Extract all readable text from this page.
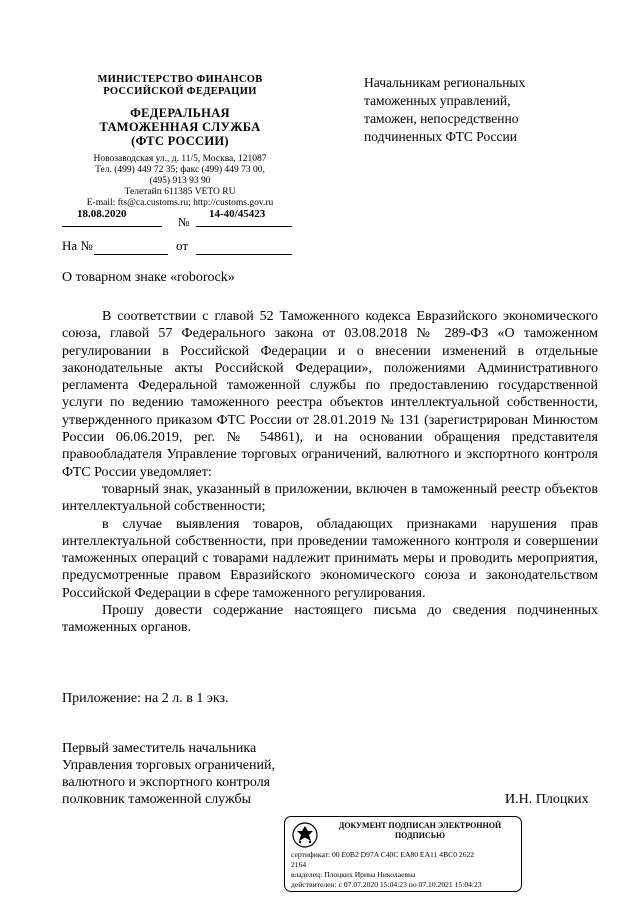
МИНИСТЕРСТВО ФИНАНСОВ
РОССИЙСКОЙ ФЕДЕРАЦИИ
ФЕДЕРАЛЬНАЯ
ТАМОЖЕННАЯ СЛУЖБА
(ФТС РОССИИ)
Новозаводская ул., д. 11/5, Москва, 121087
Тел. (499) 449 72 35; факс (499) 449 73 00,
(495) 913 93 90
Телетайп 611385 VETO RU
E-mail: fts@ca.customs.ru; http://customs.gov.ru
18.08.2020
№
14-40/45423
На №	от
Начальникам региональных
таможенных управлений,
таможен, непосредственно
подчиненных ФТС России
О товарном знаке «roborock»

В соответствии с главой 52 Таможенного кодекса Евразийского экономического союза, главой 57 Федерального закона от 03.08.2018 № 289-ФЗ «О таможенном регулировании в Российской Федерации и о внесении изменений в отдельные законодательные акты Российской Федерации», положениями Административного регламента Федеральной таможенной службы по предоставлению государственной услуги по ведению таможенного реестра объектов интеллектуальной собственности, утвержденного приказом ФТС России от 28.01.2019 № 131 (зарегистрирован Минюстом России 06.06.2019, рег. № 54861), и на основании обращения представителя правообладателя Управление торговых ограничений, валютного и экспортного контроля ФТС России уведомляет:

товарный знак, указанный в приложении, включен в таможенный реестр объектов интеллектуальной собственности;

в случае выявления товаров, обладающих признаками нарушения прав интеллектуальной собственности, при проведении таможенного контроля и совершении таможенных операций с товарами надлежит принимать меры и проводить мероприятия, предусмотренные правом Евразийского экономического союза и законодательством Российской Федерации в сфере таможенного регулирования.

Прошу довести содержание настоящего письма до сведения подчиненных таможенных органов.

Приложение: на 2 л. в 1 экз.
Первый заместитель начальника
Управления торговых ограничений,
валютного и экспортного контроля
полковник таможенной службы	И.Н. Плоцких
ДОКУМЕНТ ПОДПИСАН ЭЛЕКТРОННОЙ
ПОДПИСЬЮ
сертификат: 00 E0B2 D97A C40C EA80 EA11 4BC0 2622
2164
владелец: Плоцких Ирина Николаевна
действителен: с 07.07.2020 15:04:23 по 07.10.2021 15:04:23
